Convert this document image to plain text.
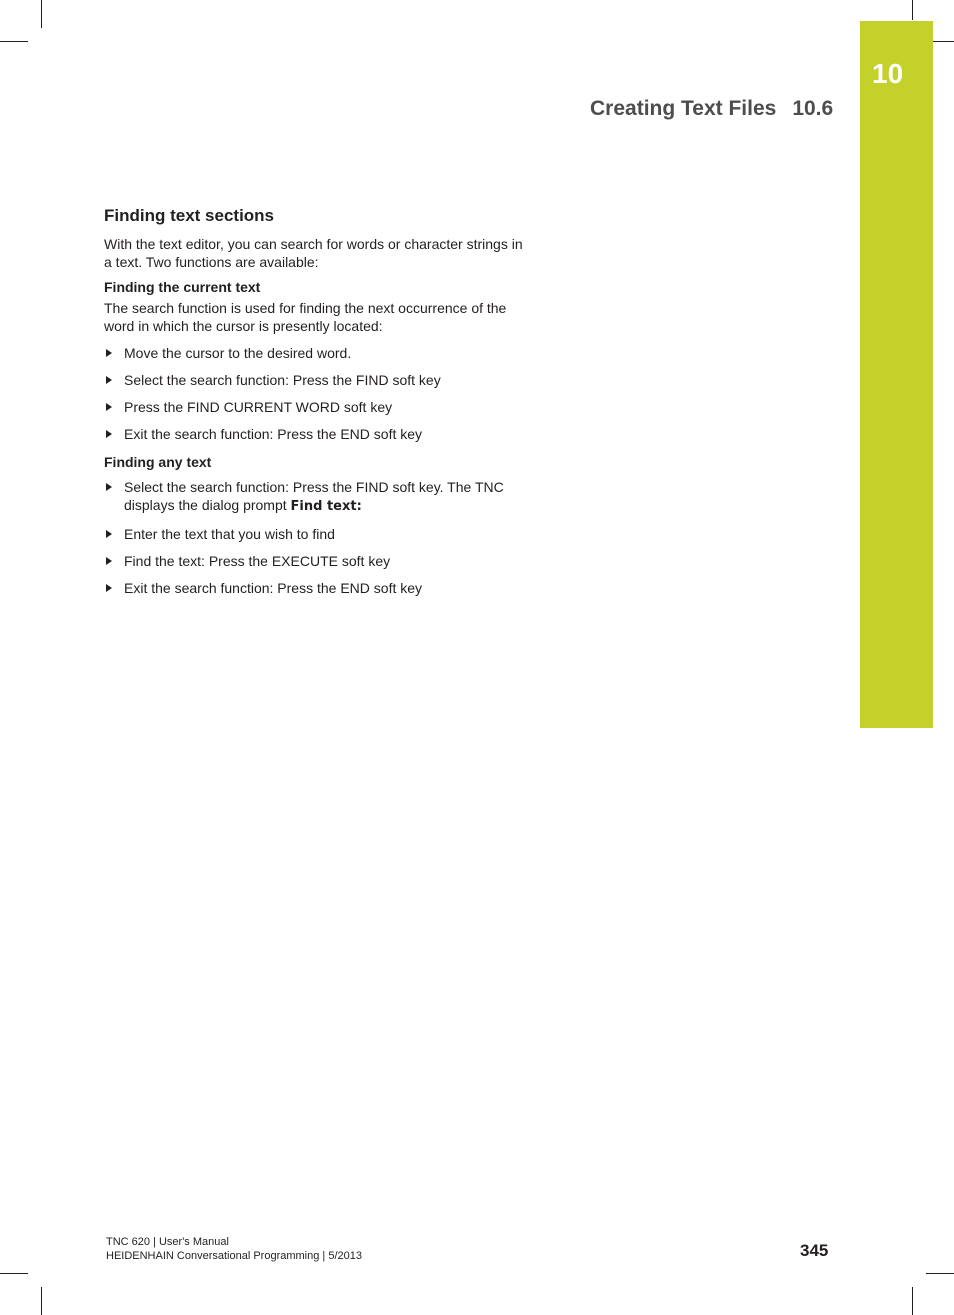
10
Creating Text Files 10.6
Finding text sections
With the text editor, you can search for words or character strings in a text. Two functions are available:
Finding the current text
The search function is used for finding the next occurrence of the word in which the cursor is presently located:
Move the cursor to the desired word.
Select the search function: Press the FIND soft key
Press the FIND CURRENT WORD soft key
Exit the search function: Press the END soft key
Finding any text
Select the search function: Press the FIND soft key. The TNC displays the dialog prompt Find text:
Enter the text that you wish to find
Find the text: Press the EXECUTE soft key
Exit the search function: Press the END soft key
TNC 620 | User's Manual
HEIDENHAIN Conversational Programming | 5/2013	345
